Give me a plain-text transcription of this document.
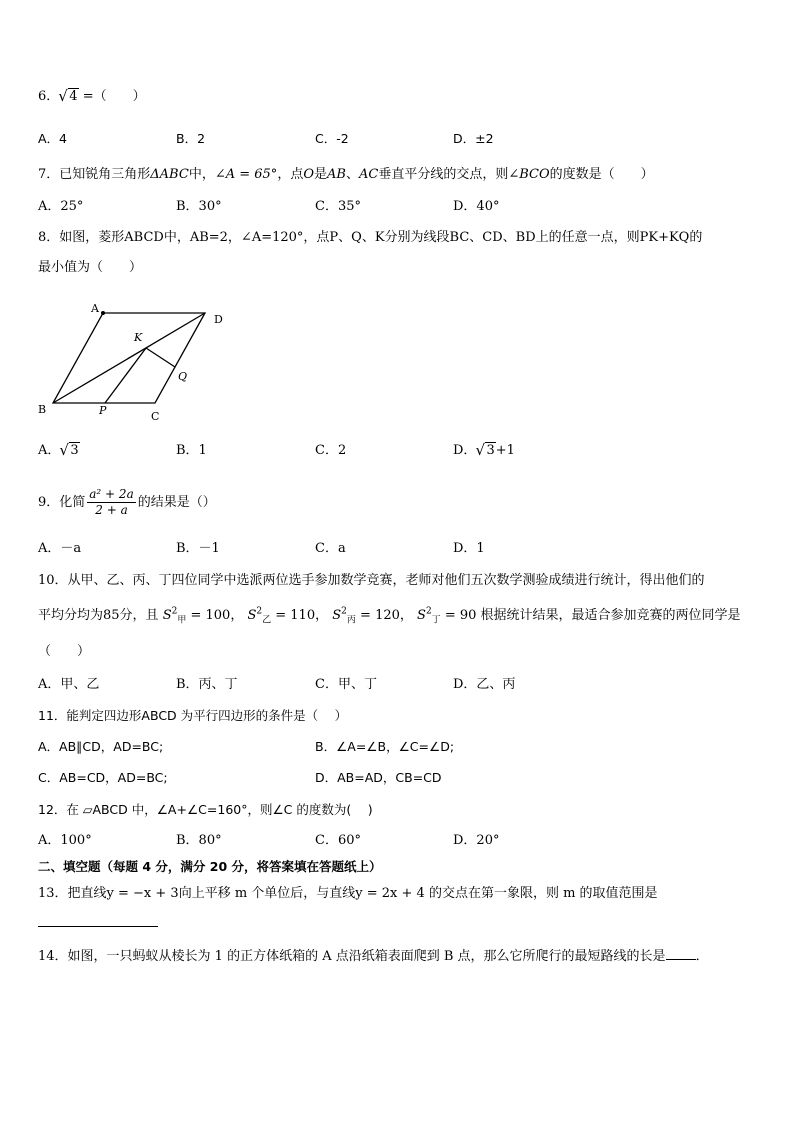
6． √ 4 =（　　）
A．4	B．2	C．-2	D．±2
7．已知锐角三角形ΔABC中，∠A = 65°，点O是AB、AC垂直平分线的交点，则∠BCO的度数是（　　）
A．25°	B．30°	C．35°	D．40°
8．如图，菱形ABCD中，AB=2，∠A=120°，点P、Q、K分别为线段BC、CD、BD上的任意一点，则PK+KQ的
最小值为（　　）
A
D
B
C
K
P
Q
A． √ 3	B．1	C．2	D． √ 3+1
9．化简 $\frac{\text{a² + 2a}}{2 + a}$ 的结果是（）
A．－a	B．－1	C．a	D．1
10．从甲、乙、丙、丁四位同学中选派两位选手参加数学竞赛，老师对他们五次数学测验成绩进行统计，得出他们的
平均分均为85分，且 $S^2_甲 = 100$， $S^2_乙 = 110$， $S^2_丙 = 120$， $S^2_丁 = 90$ 根据统计结果，最适合参加竞赛的两位同学是
（　　）
A．甲、乙	B．丙、丁	C．甲、丁	D．乙、丙
11．能判定四边形ABCD 为平行四边形的条件是（　 ）
A．AB∥CD，AD=BC;	B．∠A=∠B，∠C=∠D;
C．AB=CD，AD=BC;	D．AB=AD，CB=CD
12．在 ▱ABCD 中，∠A+∠C=160°，则∠C 的度数为(　 )
A．100°	B．80°	C．60°	D．20°
二、填空题（每题 4 分，满分 20 分，将答案填在答题纸上）
13．把直线y = −x + 3向上平移 m 个单位后，与直线y = 2x + 4 的交点在第一象限，则 m 的取值范围是
14．如图，一只蚂蚁从棱长为 1 的正方体纸箱的 A 点沿纸箱表面爬到 B 点，那么它所爬行的最短路线的长是 ．
